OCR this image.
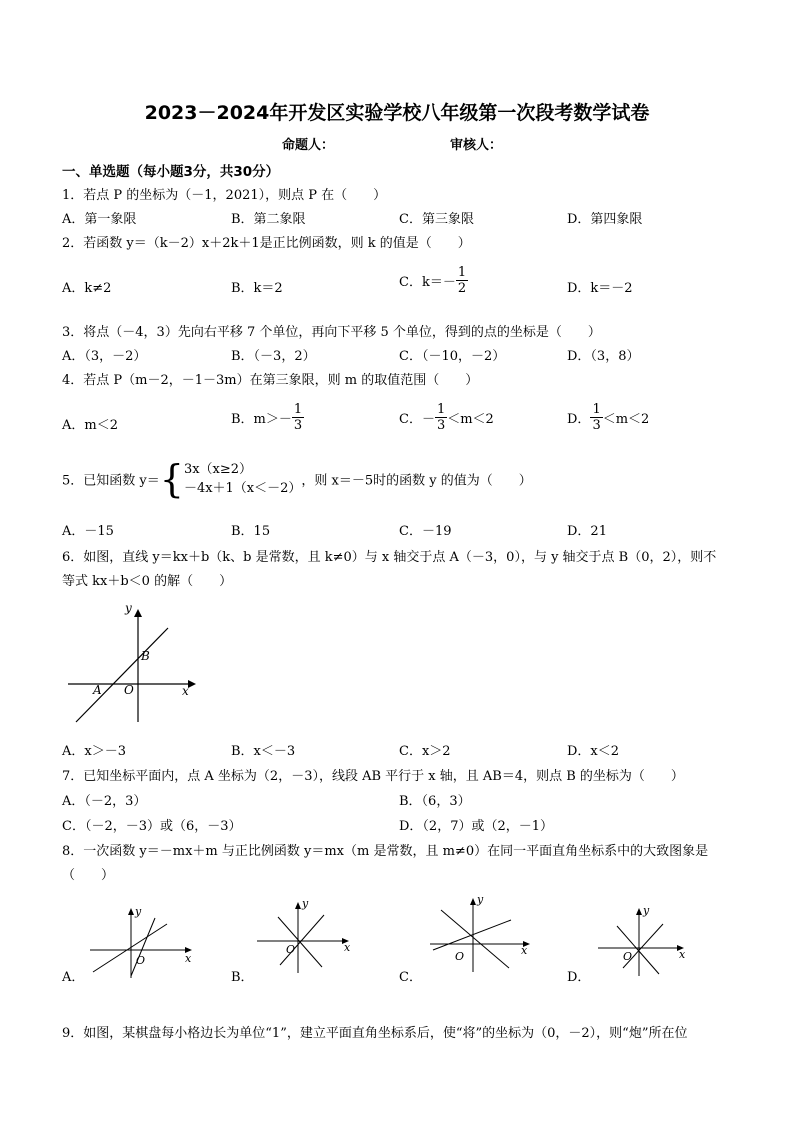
2023－2024年开发区实验学校八年级第一次段考数学试卷
命题人：	审核人：
一、单选题（每小题3分，共30分）
1．若点 P 的坐标为（－1，2021），则点 P 在（　　）
A．第一象限	B．第二象限	C．第三象限	D．第四象限
2．若函数 y＝（k－2）x＋2k＋1是正比例函数，则 k 的值是（　　）
A．k≠2	B．k＝2	C．$k=- \frac{1}{2}$	D．k＝－2
3．将点（－4，3）先向右平移 7 个单位，再向下平移 5 个单位，得到的点的坐标是（　　）
A．（3，－2）	B．（－3，2）	C．（－10，－2）	D．（3，8）
4．若点 P（m－2，－1－3m）在第三象限，则 m 的取值范围（　　）
A．m＜2	B．$m>- \frac{1}{3}$	C．－ $\frac{1}{3} <m<2$	D． $\frac{1}{3} <m<2$
5．已知函数 y＝{ 3x（x≥2）
－4x＋1（x＜－2） ，则 x＝－5时的函数 y 的值为（　　）
A．－15	B．15	C．－19	D．21
6．如图，直线 y＝kx＋b（k、b 是常数，且 k≠0）与 x 轴交于点 A（－3，0），与 y 轴交于点 B（0，2），则不
等式 kx＋b＜0 的解（　　）
y
x
B
A O
A．x＞－3	B．x＜－3	C．x＞2	D．x＜2
7．已知坐标平面内，点 A 坐标为（2，－3），线段 AB 平行于 x 轴，且 AB＝4，则点 B 的坐标为（　　）
A．（－2，3）	B．（6，3）
C．（－2，－3）或（6，－3）	D．（2，7）或（2，－1）
8．一次函数 y＝－mx＋m 与正比例函数 y＝mx（m 是常数，且 m≠0）在同一平面直角坐标系中的大致图象是
（　　）
A．
y
x
O
B．
y
x
O
C．
y
x
O
D．
y
x
O
9．如图，某棋盘每小格边长为单位“1”，建立平面直角坐标系后，使“将”的坐标为（0，－2），则“炮”所在位
